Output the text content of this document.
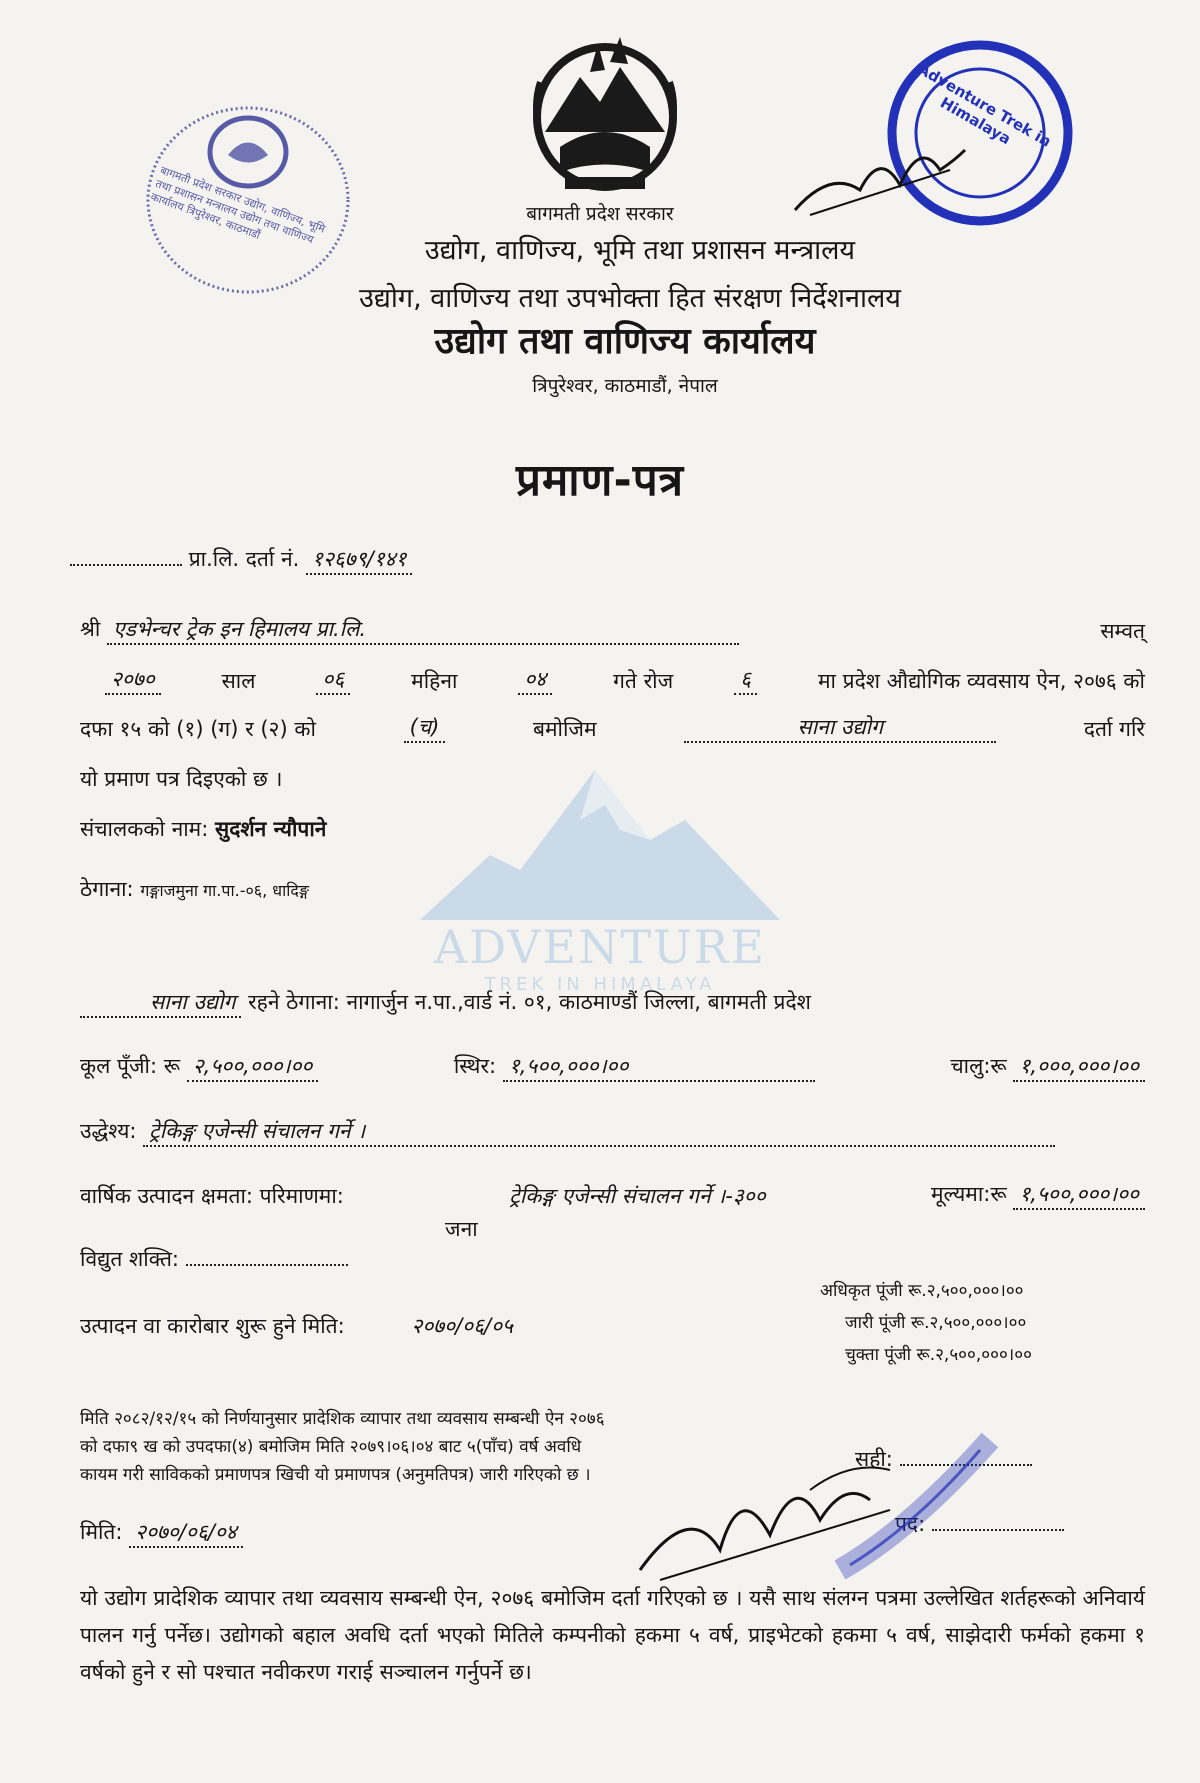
ADVENTURE
TREK IN HIMALAYA
बागमती प्रदेश सरकार उद्योग, वाणिज्य, भूमि तथा प्रशासन मन्त्रालय उद्योग तथा वाणिज्य कार्यालय त्रिपुरेश्वर, काठमाडौं
Adventure Trek in Himalaya
बागमती प्रदेश सरकार
उद्योग, वाणिज्य, भूमि तथा प्रशासन मन्त्रालय
उद्योग, वाणिज्य तथा उपभोक्ता हित संरक्षण निर्देशनालय
उद्योग तथा वाणिज्य कार्यालय
त्रिपुरेश्वर, काठमाडौं, नेपाल
प्रमाण-पत्र
प्रा.लि. दर्ता नं. १२६७९/१४१
श्री एडभेन्चर ट्रेक इन हिमालय प्रा.लि.	सम्वत्
२०७०	साल	०६	महिना	०४	गते रोज	६	मा प्रदेश औद्योगिक व्यवसाय ऐन, २०७६ को
दफा १५ को (१) (ग) र (२) को	(च)	बमोजिम	साना उद्योग	दर्ता गरि
यो प्रमाण पत्र दिइएको छ ।
संचालकको नाम: सुदर्शन न्यौपाने
ठेगाना: गङ्गाजमुना गा.पा.-०६, धादिङ्ग
साना उद्योग रहने ठेगाना: नागार्जुन न.पा.,वार्ड नं. ०१, काठमाण्डौं जिल्ला, बागमती प्रदेश
कूल पूँजी: रू २,५००,०००।००	स्थिर: १,५००,०००।००	चालु:रू १,०००,०००।००
उद्धेश्य: ट्रेकिङ्ग एजेन्सी संचालन गर्ने ।
वार्षिक उत्पादन क्षमता: परिमाणमा:	ट्रेकिङ्ग एजेन्सी संचालन गर्ने ।-३००	मूल्यमा:रू १,५००,०००।००
जना
विद्युत शक्ति:
अधिकृत पूंजी रू.२,५००,०००।००
जारी पूंजी रू.२,५००,०००।००
चुक्ता पूंजी रू.२,५००,०००।००
उत्पादन वा कारोबार शुरू हुने मिति:	२०७०/०६/०५
मिति २०८२/१२/१५ को निर्णयानुसार प्रादेशिक व्यापार तथा व्यवसाय सम्बन्धी ऐन २०७६
को दफा९ ख को उपदफा(४) बमोजिम मिति २०७९।०६।०४ बाट ५(पाँच) वर्ष अवधि
कायम गरी साविकको प्रमाणपत्र खिची यो प्रमाणपत्र (अनुमतिपत्र) जारी गरिएको छ ।
सही:
पद:
मिति: २०७०/०६/०४
यो उद्योग प्रादेशिक व्यापार तथा व्यवसाय सम्बन्धी ऐन, २०७६ बमोजिम दर्ता गरिएको छ । यसै साथ संलग्न पत्रमा उल्लेखित शर्तहरूको अनिवार्य पालन गर्नु पर्नेछ। उद्योगको बहाल अवधि दर्ता भएको मितिले कम्पनीको हकमा ५ वर्ष, प्राइभेटको हकमा ५ वर्ष, साझेदारी फर्मको हकमा १ वर्षको हुने र सो पश्चात नवीकरण गराई सञ्चालन गर्नुपर्ने छ।
